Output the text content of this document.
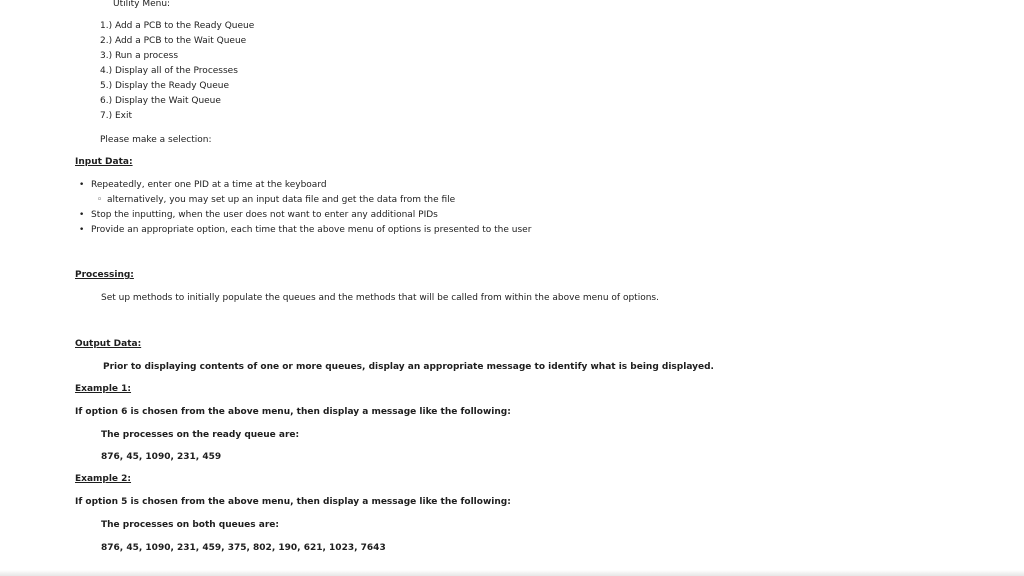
Utility Menu:
1.) Add a PCB to the Ready Queue
2.) Add a PCB to the Wait Queue
3.) Run a process
4.) Display all of the Processes
5.) Display the Ready Queue
6.) Display the Wait Queue
7.) Exit
Please make a selection:
Input Data:
• Repeatedly, enter one PID at a time at the keyboard
◦ alternatively, you may set up an input data file and get the data from the file
• Stop the inputting, when the user does not want to enter any additional PIDs
• Provide an appropriate option, each time that the above menu of options is presented to the user
Processing:
Set up methods to initially populate the queues and the methods that will be called from within the above menu of options.
Output Data:
Prior to displaying contents of one or more queues, display an appropriate message to identify what is being displayed.
Example 1:
If option 6 is chosen from the above menu, then display a message like the following:
The processes on the ready queue are:
876, 45, 1090, 231, 459
Example 2:
If option 5 is chosen from the above menu, then display a message like the following:
The processes on both queues are:
876, 45, 1090, 231, 459, 375, 802, 190, 621, 1023, 7643
